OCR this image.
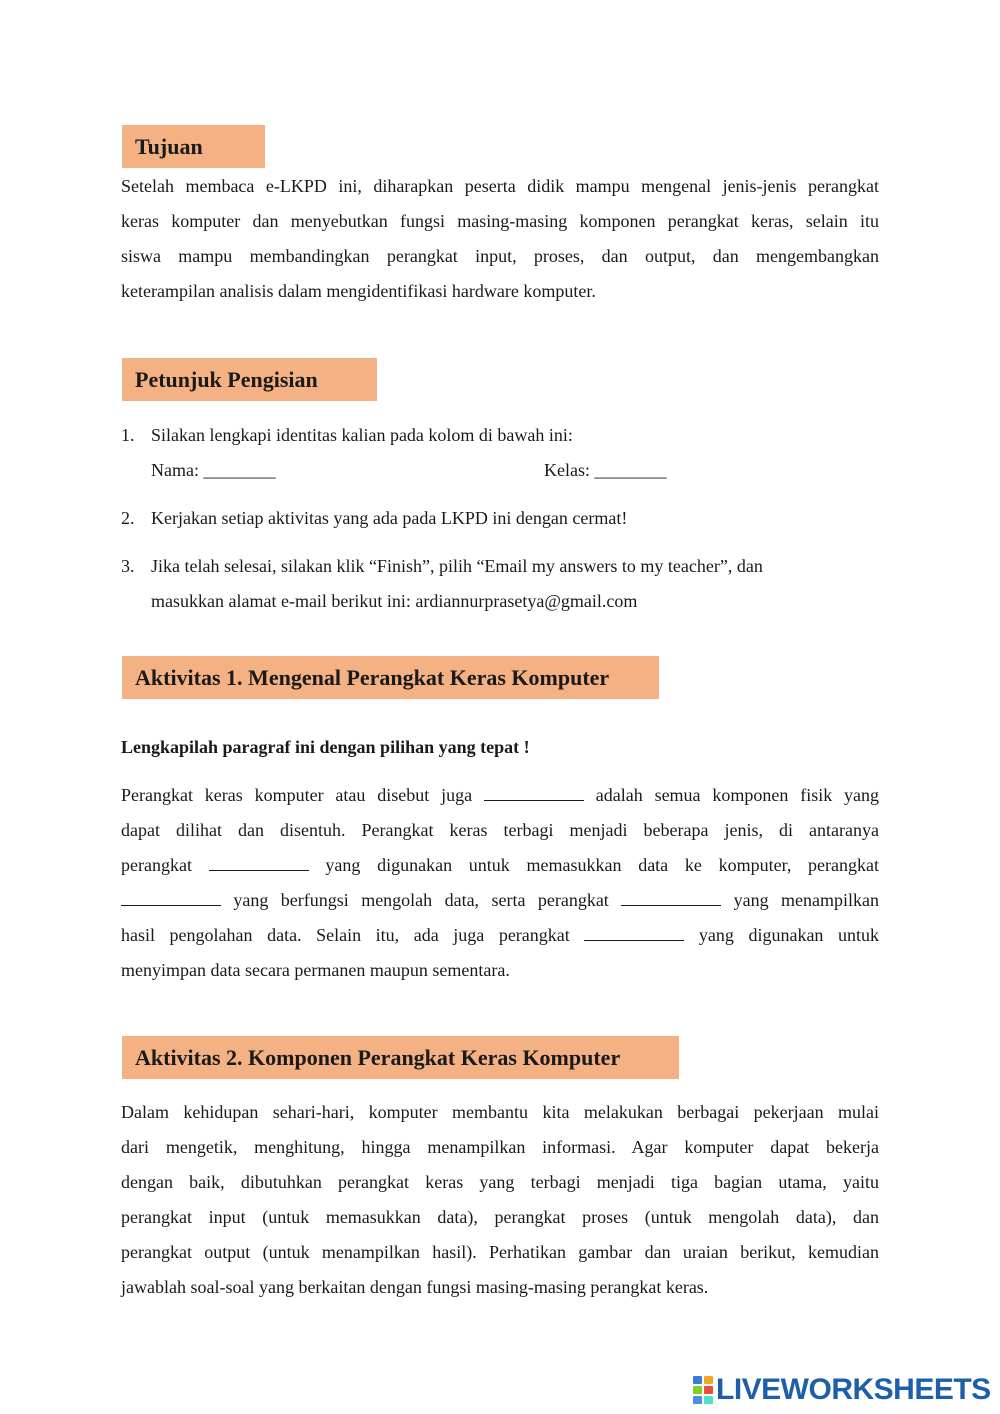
Tujuan
Setelah membaca e-LKPD ini, diharapkan peserta didik mampu mengenal jenis-jenis perangkat
keras komputer dan menyebutkan fungsi masing-masing komponen perangkat keras, selain itu
siswa mampu membandingkan perangkat input, proses, dan output, dan mengembangkan
keterampilan analisis dalam mengidentifikasi hardware komputer.
Petunjuk Pengisian
1. Silakan lengkapi identitas kalian pada kolom di bawah ini:
Nama: ________	Kelas: ________
2. Kerjakan setiap aktivitas yang ada pada LKPD ini dengan cermat!
3. Jika telah selesai, silakan klik “Finish”, pilih “Email my answers to my teacher”, dan
masukkan alamat e-mail berikut ini: ardiannurprasetya@gmail.com
Aktivitas 1. Mengenal Perangkat Keras Komputer
Lengkapilah paragraf ini dengan pilihan yang tepat !
Perangkat keras komputer atau disebut juga	adalah semua komponen fisik yang
dapat dilihat dan disentuh. Perangkat keras terbagi menjadi beberapa jenis, di antaranya
perangkat	yang digunakan untuk memasukkan data ke komputer, perangkat
yang berfungsi mengolah data, serta perangkat	yang menampilkan
hasil pengolahan data. Selain itu, ada juga perangkat	yang digunakan untuk
menyimpan data secara permanen maupun sementara.
Aktivitas 2. Komponen Perangkat Keras Komputer
Dalam kehidupan sehari-hari, komputer membantu kita melakukan berbagai pekerjaan mulai
dari mengetik, menghitung, hingga menampilkan informasi. Agar komputer dapat bekerja
dengan baik, dibutuhkan perangkat keras yang terbagi menjadi tiga bagian utama, yaitu
perangkat input (untuk memasukkan data), perangkat proses (untuk mengolah data), dan
perangkat output (untuk menampilkan hasil). Perhatikan gambar dan uraian berikut, kemudian
jawablah soal-soal yang berkaitan dengan fungsi masing-masing perangkat keras.
LIVEWORKSHEETS
